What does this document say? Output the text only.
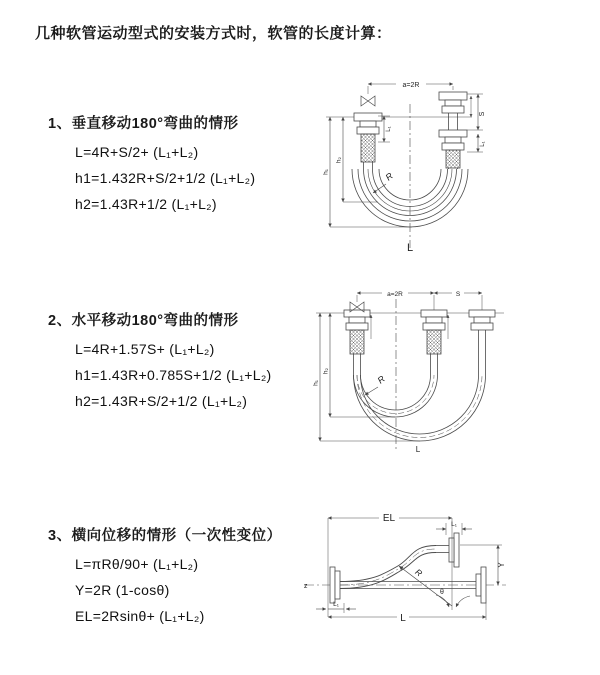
几种软管运动型式的安装方式时，软管的长度计算：
1、垂直移动180°弯曲的情形
L=4R+S/2+ (L₁+L₂)
h1=1.432R+S/2+1/2 (L₁+L₂)
h2=1.43R+1/2 (L₁+L₂)
a=2R
S
L₁
L₁
h₁
h₂
R
L
2、水平移动180°弯曲的情形
L=4R+1.57S+ (L₁+L₂)
h1=1.43R+0.785S+1/2 (L₁+L₂)
h2=1.43R+S/2+1/2 (L₁+L₂)
a=2R	S
h₁
h₂
R
L
3、横向位移的情形（一次性变位）
L=πRθ/90+ (L₁+L₂)
Y=2R (1-cosθ)
EL=2Rsinθ+ (L₁+L₂)
EL
L₁
Y
z
R
θ
L₁
L
